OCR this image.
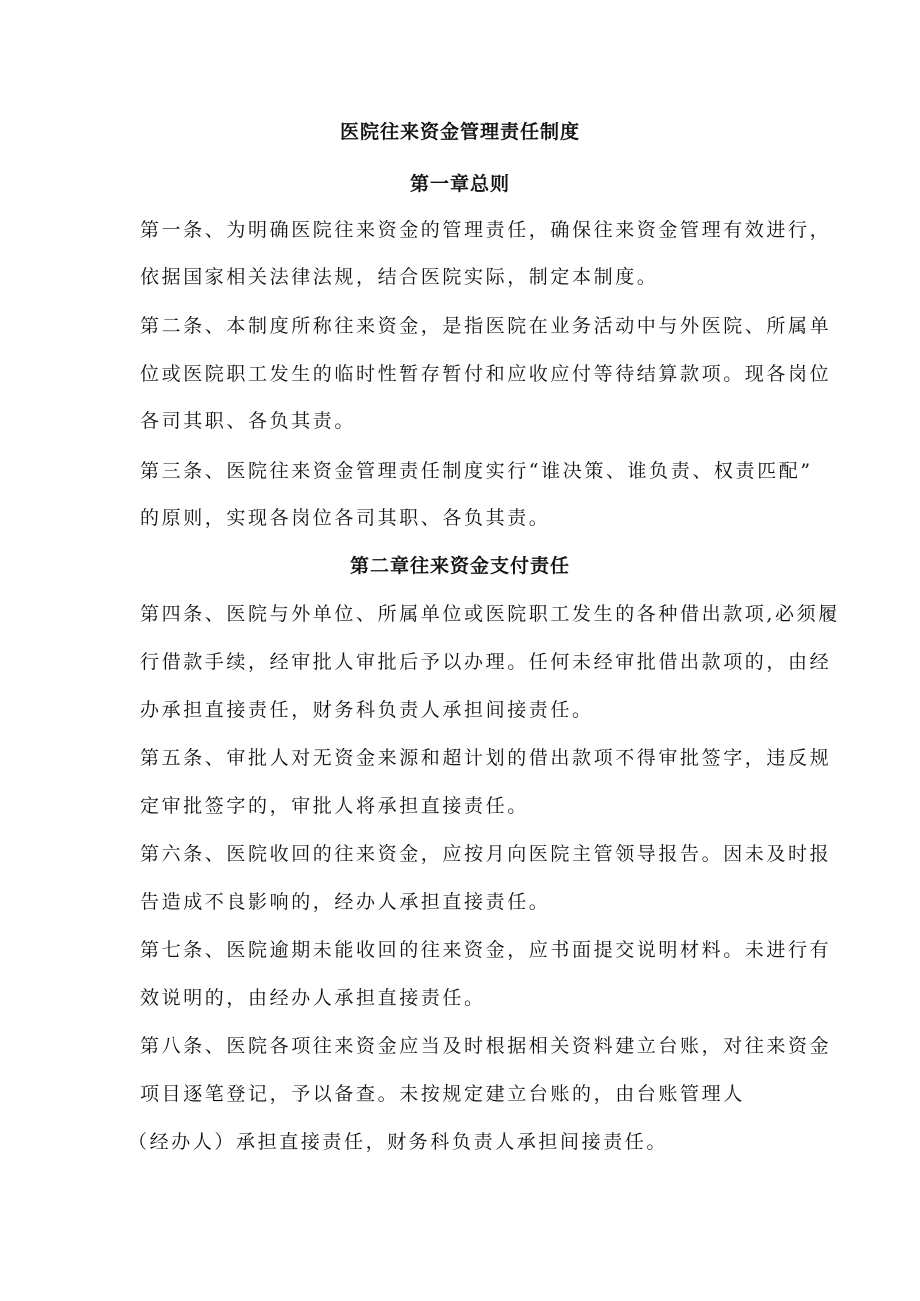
医院往来资金管理责任制度
第一章总则
第一条、为明确医院往来资金的管理责任，确保往来资金管理有效进行，
依据国家相关法律法规，结合医院实际，制定本制度。
第二条、本制度所称往来资金，是指医院在业务活动中与外医院、所属单
位或医院职工发生的临时性暂存暂付和应收应付等待结算款项。现各岗位
各司其职、各负其责。
第三条、医院往来资金管理责任制度实行“谁决策、谁负责、权责匹配”
的原则，实现各岗位各司其职、各负其责。
第二章往来资金支付责任
第四条、医院与外单位、所属单位或医院职工发生的各种借出款项,必须履
行借款手续，经审批人审批后予以办理。任何未经审批借出款项的，由经
办承担直接责任，财务科负责人承担间接责任。
第五条、审批人对无资金来源和超计划的借出款项不得审批签字，违反规
定审批签字的，审批人将承担直接责任。
第六条、医院收回的往来资金，应按月向医院主管领导报告。因未及时报
告造成不良影响的，经办人承担直接责任。
第七条、医院逾期未能收回的往来资金，应书面提交说明材料。未进行有
效说明的，由经办人承担直接责任。
第八条、医院各项往来资金应当及时根据相关资料建立台账，对往来资金
项目逐笔登记，予以备查。未按规定建立台账的，由台账管理人
（经办人）承担直接责任，财务科负责人承担间接责任。
